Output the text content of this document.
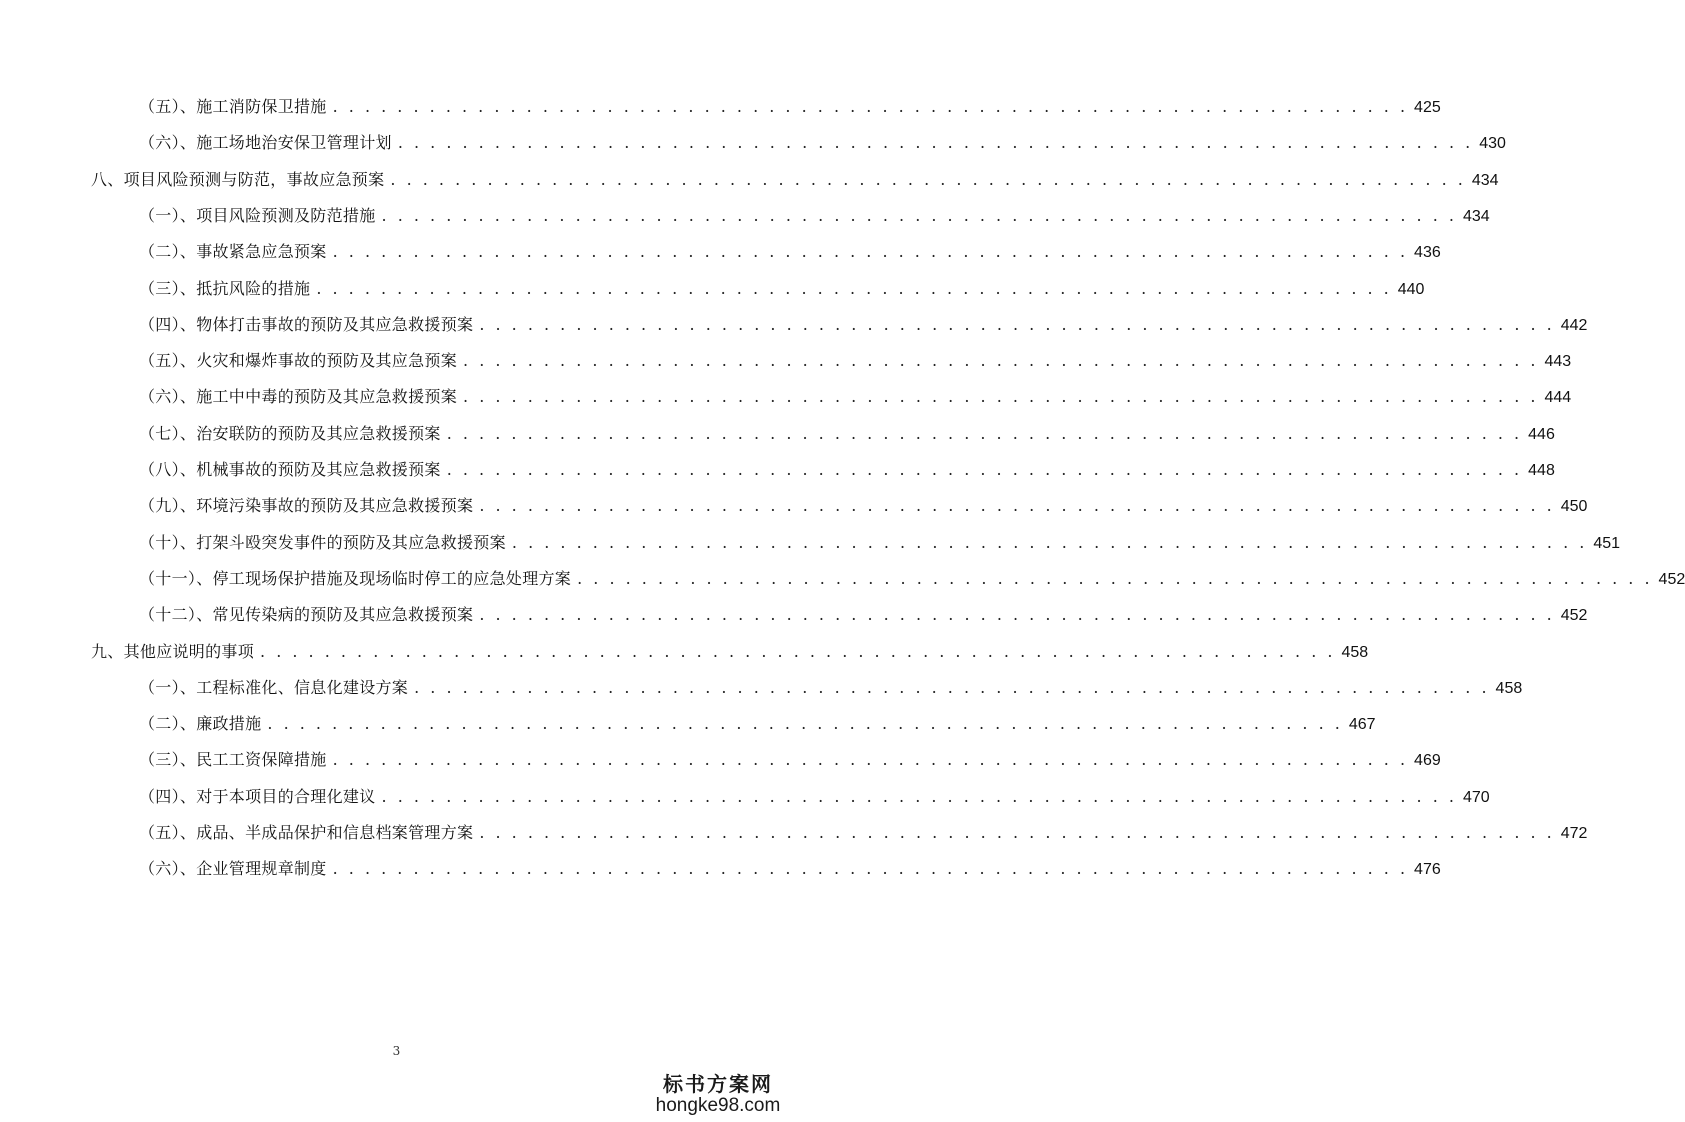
（五）、施工消防保卫措施 . . . . . . . . . . . . . . . . . . . . . . . . . . . . . . . . . . . . . . . . . . . . . . . . . . . . . . . . . . . . . . . . . . . 425
（六）、施工场地治安保卫管理计划 . . . . . . . . . . . . . . . . . . . . . . . . . . . . . . . . . . . . . . . . . . . . . . . . . . . . . . . . . . . . . . . . . . . 430
八、项目风险预测与防范，事故应急预案 . . . . . . . . . . . . . . . . . . . . . . . . . . . . . . . . . . . . . . . . . . . . . . . . . . . . . . . . . . . . . . . . . . . 434
（一）、项目风险预测及防范措施 . . . . . . . . . . . . . . . . . . . . . . . . . . . . . . . . . . . . . . . . . . . . . . . . . . . . . . . . . . . . . . . . . . . 434
（二）、事故紧急应急预案 . . . . . . . . . . . . . . . . . . . . . . . . . . . . . . . . . . . . . . . . . . . . . . . . . . . . . . . . . . . . . . . . . . . 436
（三）、抵抗风险的措施 . . . . . . . . . . . . . . . . . . . . . . . . . . . . . . . . . . . . . . . . . . . . . . . . . . . . . . . . . . . . . . . . . . . 440
（四）、物体打击事故的预防及其应急救援预案 . . . . . . . . . . . . . . . . . . . . . . . . . . . . . . . . . . . . . . . . . . . . . . . . . . . . . . . . . . . . . . . . . . . 442
（五）、火灾和爆炸事故的预防及其应急预案 . . . . . . . . . . . . . . . . . . . . . . . . . . . . . . . . . . . . . . . . . . . . . . . . . . . . . . . . . . . . . . . . . . . 443
（六）、施工中中毒的预防及其应急救援预案 . . . . . . . . . . . . . . . . . . . . . . . . . . . . . . . . . . . . . . . . . . . . . . . . . . . . . . . . . . . . . . . . . . . 444
（七）、治安联防的预防及其应急救援预案 . . . . . . . . . . . . . . . . . . . . . . . . . . . . . . . . . . . . . . . . . . . . . . . . . . . . . . . . . . . . . . . . . . . 446
（八）、机械事故的预防及其应急救援预案 . . . . . . . . . . . . . . . . . . . . . . . . . . . . . . . . . . . . . . . . . . . . . . . . . . . . . . . . . . . . . . . . . . . 448
（九）、环境污染事故的预防及其应急救援预案 . . . . . . . . . . . . . . . . . . . . . . . . . . . . . . . . . . . . . . . . . . . . . . . . . . . . . . . . . . . . . . . . . . . 450
（十）、打架斗殴突发事件的预防及其应急救援预案 . . . . . . . . . . . . . . . . . . . . . . . . . . . . . . . . . . . . . . . . . . . . . . . . . . . . . . . . . . . . . . . . . . . 451
（十一）、停工现场保护措施及现场临时停工的应急处理方案 . . . . . . . . . . . . . . . . . . . . . . . . . . . . . . . . . . . . . . . . . . . . . . . . . . . . . . . . . . . . . . . . . . . 452
（十二）、常见传染病的预防及其应急救援预案 . . . . . . . . . . . . . . . . . . . . . . . . . . . . . . . . . . . . . . . . . . . . . . . . . . . . . . . . . . . . . . . . . . . 452
九、其他应说明的事项 . . . . . . . . . . . . . . . . . . . . . . . . . . . . . . . . . . . . . . . . . . . . . . . . . . . . . . . . . . . . . . . . . . . 458
（一）、工程标准化、信息化建设方案 . . . . . . . . . . . . . . . . . . . . . . . . . . . . . . . . . . . . . . . . . . . . . . . . . . . . . . . . . . . . . . . . . . . 458
（二）、廉政措施 . . . . . . . . . . . . . . . . . . . . . . . . . . . . . . . . . . . . . . . . . . . . . . . . . . . . . . . . . . . . . . . . . . . 467
（三）、民工工资保障措施 . . . . . . . . . . . . . . . . . . . . . . . . . . . . . . . . . . . . . . . . . . . . . . . . . . . . . . . . . . . . . . . . . . . 469
（四）、对于本项目的合理化建议 . . . . . . . . . . . . . . . . . . . . . . . . . . . . . . . . . . . . . . . . . . . . . . . . . . . . . . . . . . . . . . . . . . . 470
（五）、成品、半成品保护和信息档案管理方案 . . . . . . . . . . . . . . . . . . . . . . . . . . . . . . . . . . . . . . . . . . . . . . . . . . . . . . . . . . . . . . . . . . . 472
（六）、企业管理规章制度 . . . . . . . . . . . . . . . . . . . . . . . . . . . . . . . . . . . . . . . . . . . . . . . . . . . . . . . . . . . . . . . . . . . 476
3
标书方案网
hongke98.com
